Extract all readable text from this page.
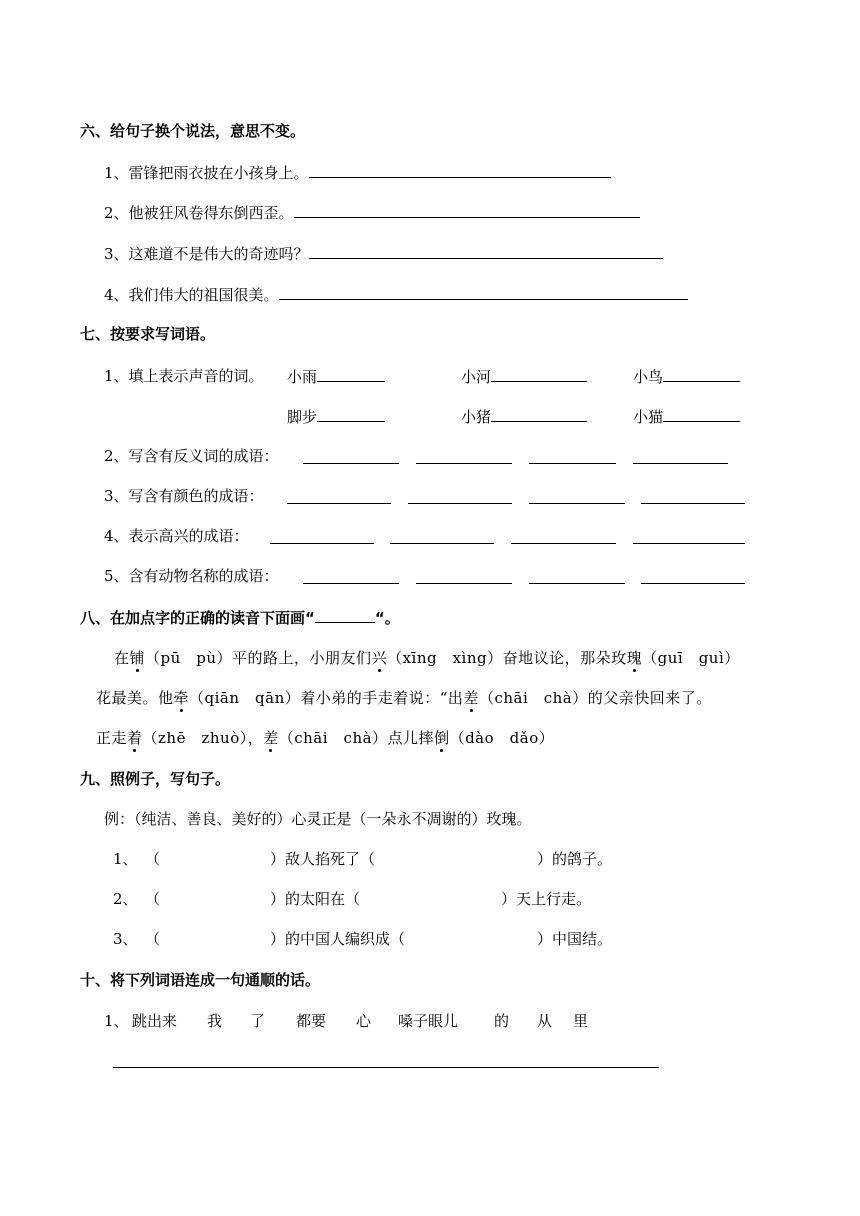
六、给句子换个说法，意思不变。
1、雷锋把雨衣披在小孩身上。
2、他被狂风卷得东倒西歪。
3、这难道不是伟大的奇迹吗？
4、我们伟大的祖国很美。
七、按要求写词语。
1、填上表示声音的词。 小雨	小河	小鸟
脚步	小猪	小猫
2、写含有反义词的成语：
3、写含有颜色的成语：
4、表示高兴的成语：
5、含有动物名称的成语：
八、在加点字的正确的读音下面画“	“。
在铺（pū　pù）平的路上，小朋友们兴（xīng　xìng）奋地议论，那朵玫瑰（guī　guì）
花最美。他牵（qiān　qān）着小弟的手走着说：“出差（chāi　chà）的父亲快回来了。
正走着（zhē　zhuò），差（chāi　chà）点儿摔倒（dào　dǎo）
九、照例子，写句子。
例：（纯洁、善良、美好的）心灵正是（一朵永不凋谢的）玫瑰。
1、 （	）敌人掐死了（	）的鸽子。
2、 （	）的太阳在（	）天上行走。
3、 （	）的中国人编织成（	）中国结。
十、将下列词语连成一句通顺的话。
1、 跳出来 我 了 都要 心 嗓子眼儿 的 从 里
